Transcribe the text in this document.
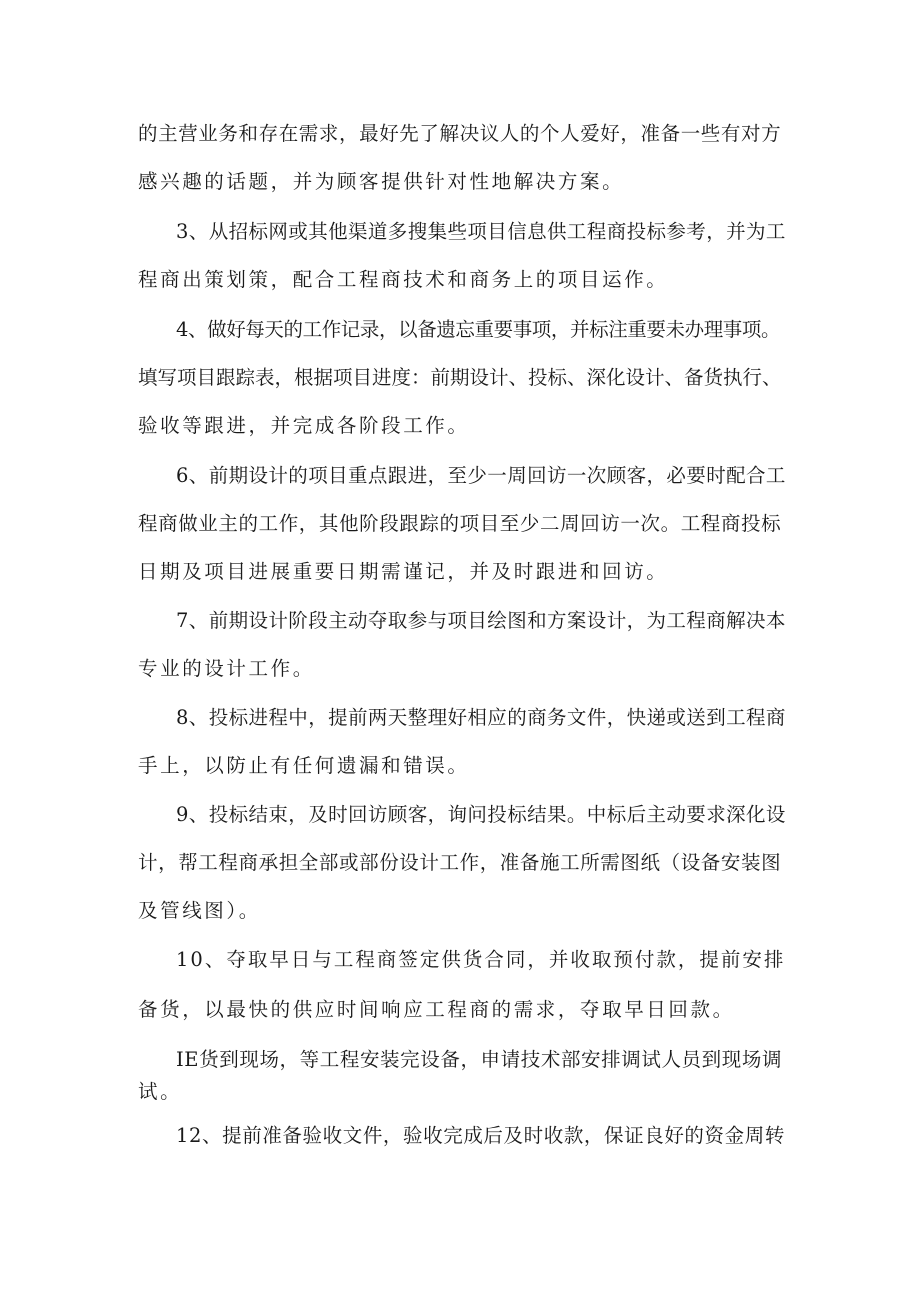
的主营业务和存在需求，最好先了解决议人的个人爱好，准备一些有对方

感兴趣的话题，并为顾客提供针对性地解决方案。

3、从招标网或其他渠道多搜集些项目信息供工程商投标参考，并为工

程商出策划策，配合工程商技术和商务上的项目运作。

4、做好每天的工作记录，以备遗忘重要事项，并标注重要未办理事项。

填写项目跟踪表，根据项目进度：前期设计、投标、深化设计、备货执行、

验收等跟进，并完成各阶段工作。

6、前期设计的项目重点跟进，至少一周回访一次顾客，必要时配合工

程商做业主的工作，其他阶段跟踪的项目至少二周回访一次。工程商投标

日期及项目进展重要日期需谨记，并及时跟进和回访。

7、前期设计阶段主动夺取参与项目绘图和方案设计，为工程商解决本

专业的设计工作。

8、投标进程中，提前两天整理好相应的商务文件，快递或送到工程商

手上，以防止有任何遗漏和错误。

9、投标结束，及时回访顾客，询问投标结果。中标后主动要求深化设

计，帮工程商承担全部或部份设计工作，准备施工所需图纸（设备安装图

及管线图）。

10、夺取早日与工程商签定供货合同，并收取预付款，提前安排

备货，以最快的供应时间响应工程商的需求，夺取早日回款。

IE货到现场，等工程安装完设备，申请技术部安排调试人员到现场调

试。

12、提前准备验收文件，验收完成后及时收款，保证良好的资金周转
